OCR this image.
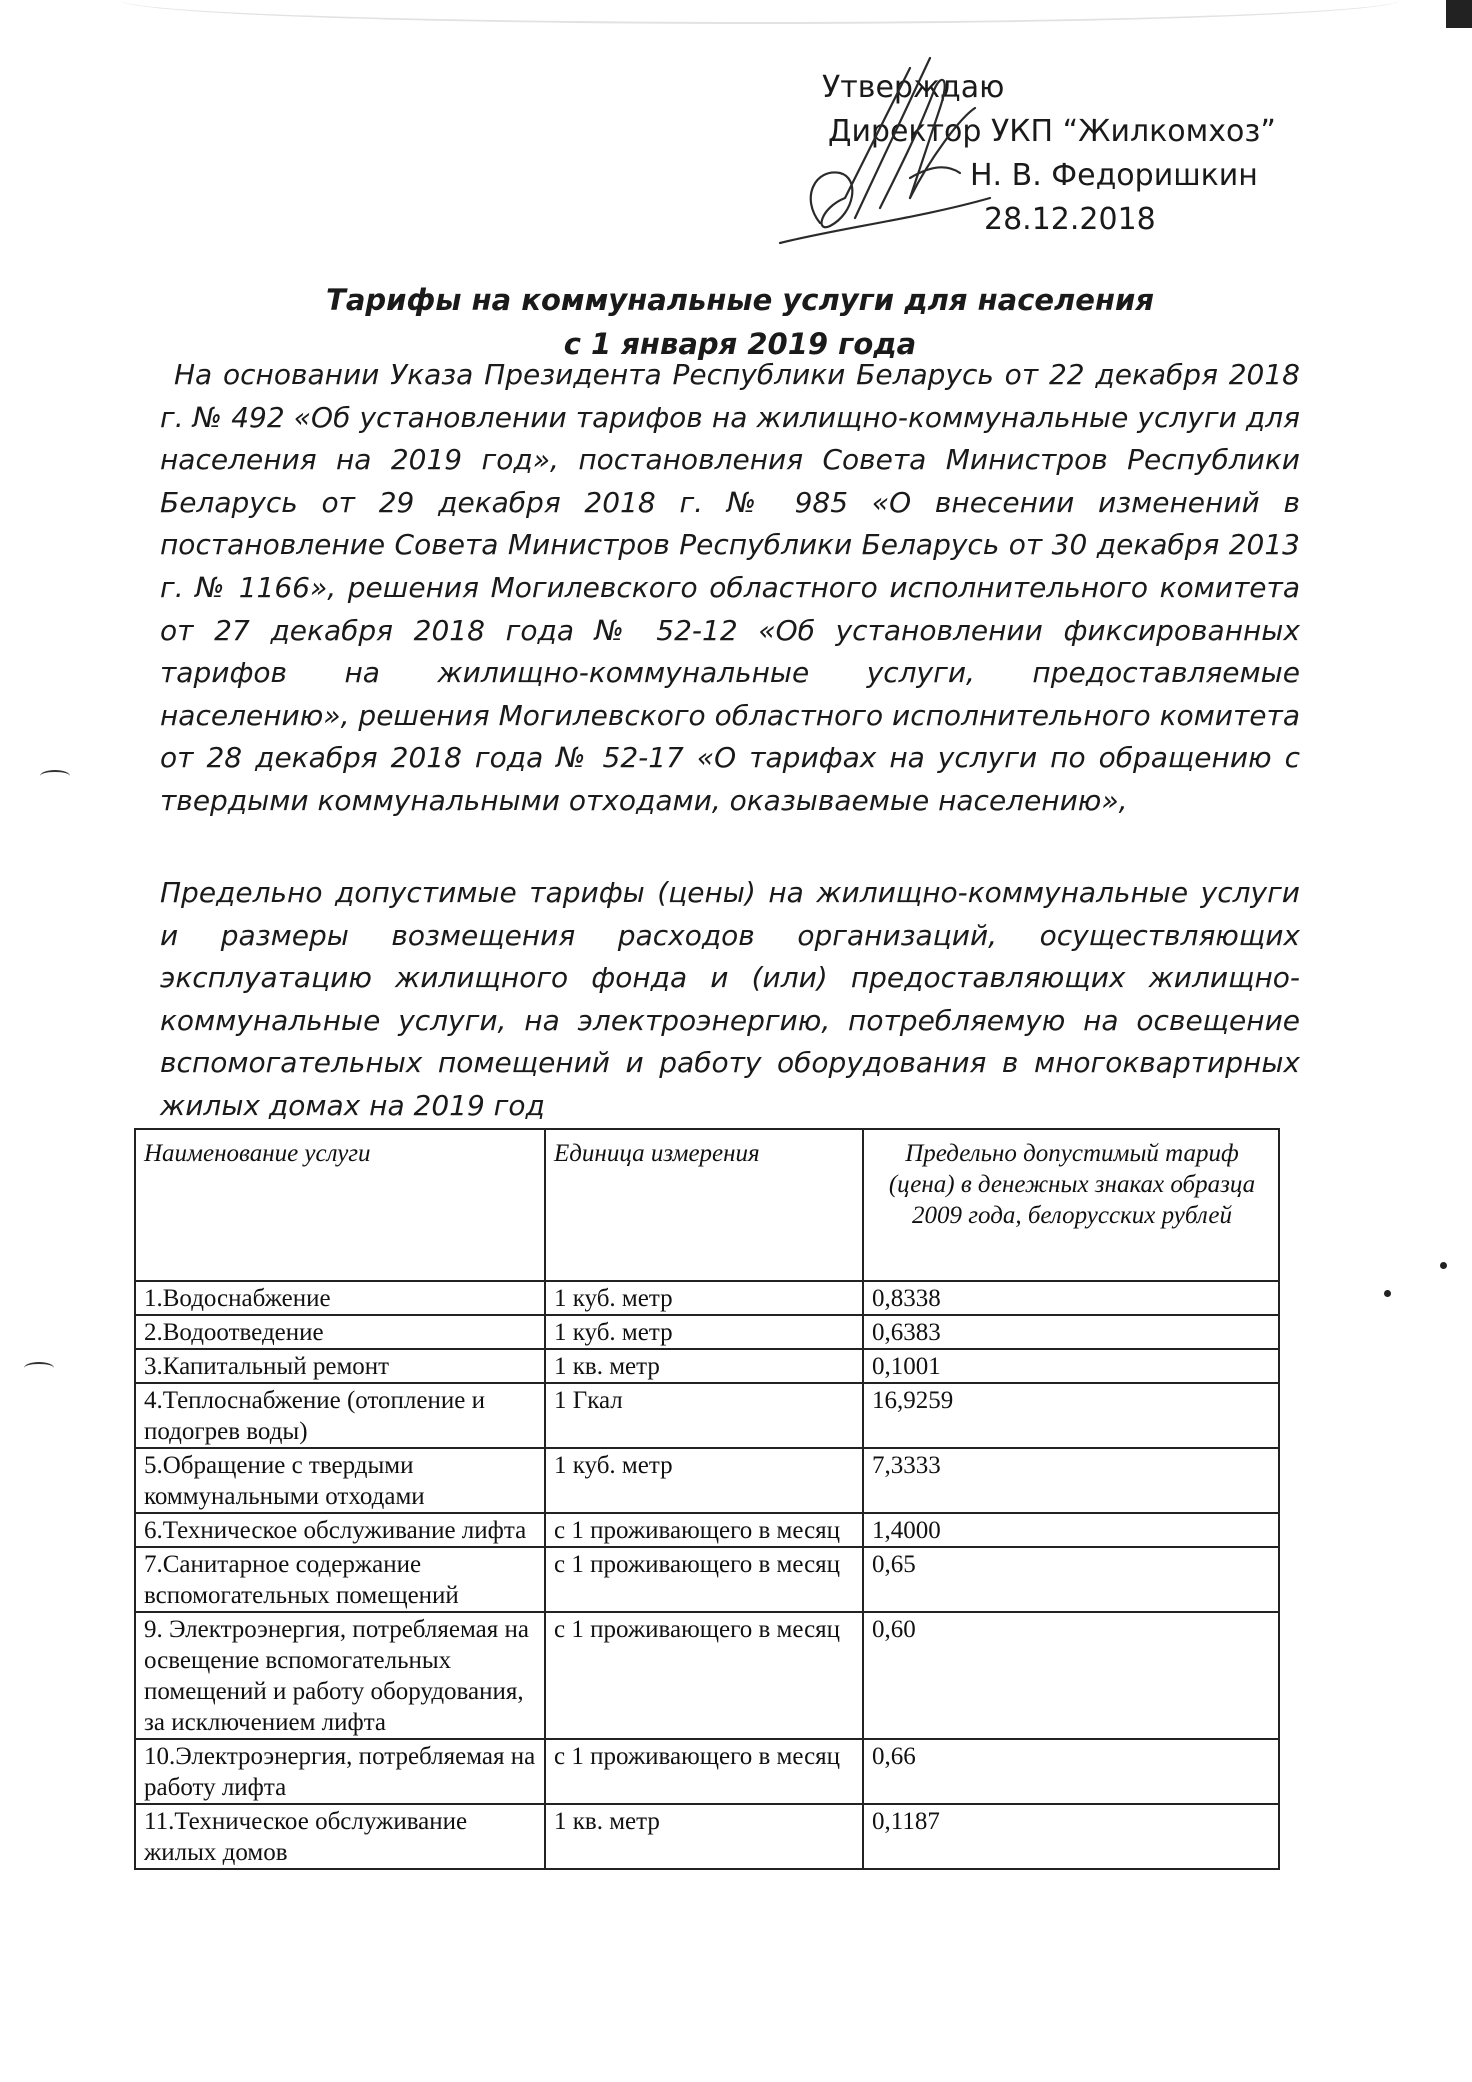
Утверждаю
Директор УКП “Жилкомхоз”
Н. В. Федоришкин
28.12.2018
Тарифы на коммунальные услуги для населения
с 1 января 2019 года
На основании Указа Президента Республики Беларусь от 22 декабря 2018 г. № 492 «Об установлении тарифов на жилищно-коммунальные услуги для населения на 2019 год», постановления Совета Министров Республики Беларусь от 29 декабря 2018 г. № 985 «О внесении изменений в постановление Совета Министров Республики Беларусь от 30 декабря 2013 г. № 1166», решения Могилевского областного исполнительного комитета от 27 декабря 2018 года № 52-12 «Об установлении фиксированных тарифов на жилищно-коммунальные услуги, предоставляемые населению», решения Могилевского областного исполнительного комитета от 28 декабря 2018 года № 52-17 «О тарифах на услуги по обращению с твердыми коммунальными отходами, оказываемые населению»,
Предельно допустимые тарифы (цены) на жилищно-коммунальные услуги и размеры возмещения расходов организаций, осуществляющих эксплуатацию жилищного фонда и (или) предоставляющих жилищно-коммунальные услуги, на электроэнергию, потребляемую на освещение вспомогательных помещений и работу оборудования в многоквартирных жилых домах на 2019 год
Наименование услуги	Единица измерения	Предельно допустимый тариф (цена) в денежных знаках образца 2009 года, белорусских рублей
1.Водоснабжение	1 куб. метр	0,8338
2.Водоотведение	1 куб. метр	0,6383
3.Капитальный ремонт	1 кв. метр	0,1001
4.Теплоснабжение (отопление и подогрев воды)	1 Гкал	16,9259
5.Обращение с твердыми коммунальными отходами	1 куб. метр	7,3333
6.Техническое обслуживание лифта	с 1 проживающего в месяц	1,4000
7.Санитарное содержание вспомогательных помещений	с 1 проживающего в месяц	0,65
9. Электроэнергия, потребляемая на освещение вспомогательных помещений и работу оборудования, за исключением лифта	с 1 проживающего в месяц	0,60
10.Электроэнергия, потребляемая на работу лифта	с 1 проживающего в месяц	0,66
11.Техническое обслуживание жилых домов	1 кв. метр	0,1187
